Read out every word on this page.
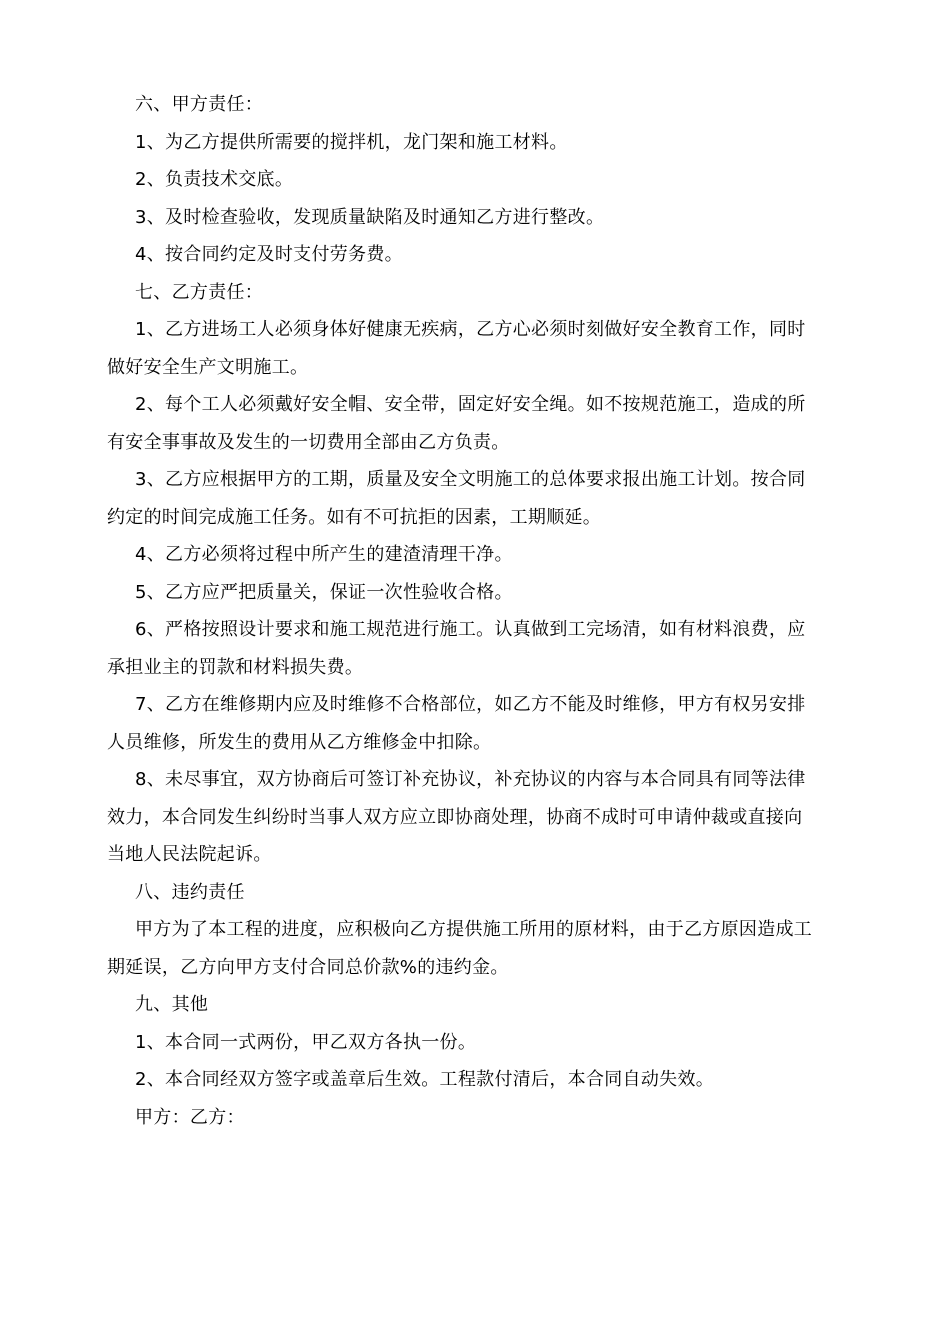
六、甲方责任：
1、为乙方提供所需要的搅拌机，龙门架和施工材料。
2、负责技术交底。
3、及时检查验收，发现质量缺陷及时通知乙方进行整改。
4、按合同约定及时支付劳务费。
七、乙方责任：
1、乙方进场工人必须身体好健康无疾病，乙方心必须时刻做好安全教育工作，同时
做好安全生产文明施工。
2、每个工人必须戴好安全帽、安全带，固定好安全绳。如不按规范施工，造成的所
有安全事事故及发生的一切费用全部由乙方负责。
3、乙方应根据甲方的工期，质量及安全文明施工的总体要求报出施工计划。按合同
约定的时间完成施工任务。如有不可抗拒的因素，工期顺延。
4、乙方必须将过程中所产生的建渣清理干净。
5、乙方应严把质量关，保证一次性验收合格。
6、严格按照设计要求和施工规范进行施工。认真做到工完场清，如有材料浪费，应
承担业主的罚款和材料损失费。
7、乙方在维修期内应及时维修不合格部位，如乙方不能及时维修，甲方有权另安排
人员维修，所发生的费用从乙方维修金中扣除。
8、未尽事宜，双方协商后可签订补充协议，补充协议的内容与本合同具有同等法律
效力，本合同发生纠纷时当事人双方应立即协商处理，协商不成时可申请仲裁或直接向
当地人民法院起诉。
八、违约责任
甲方为了本工程的进度，应积极向乙方提供施工所用的原材料，由于乙方原因造成工
期延误，乙方向甲方支付合同总价款%的违约金。
九、其他
1、本合同一式两份，甲乙双方各执一份。
2、本合同经双方签字或盖章后生效。工程款付清后，本合同自动失效。
甲方：乙方：
